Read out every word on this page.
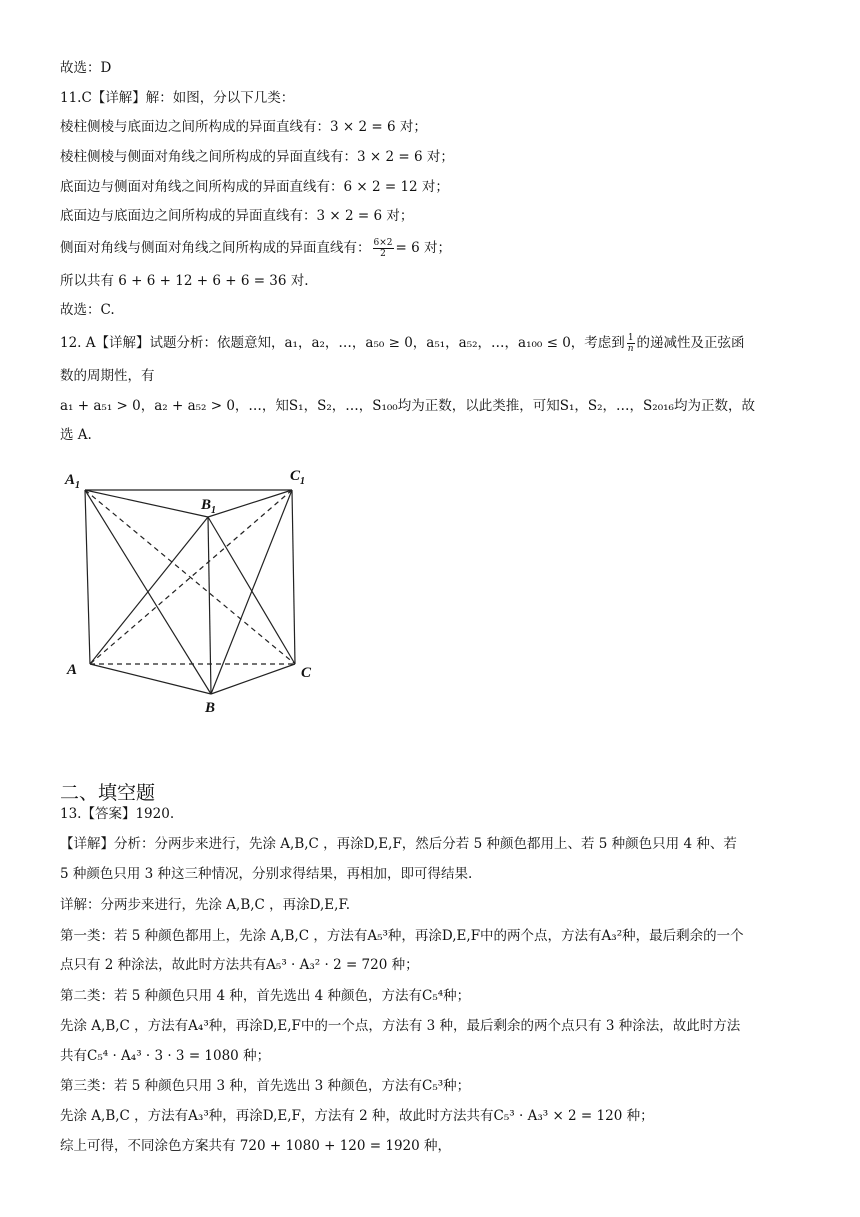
故选：D
11.C【详解】解：如图，分以下几类：
棱柱侧棱与底面边之间所构成的异面直线有：3 × 2 = 6 对；
棱柱侧棱与侧面对角线之间所构成的异面直线有：3 × 2 = 6 对；
底面边与侧面对角线之间所构成的异面直线有：6 × 2 = 12 对；
底面边与底面边之间所构成的异面直线有：3 × 2 = 6 对；
侧面对角线与侧面对角线之间所构成的异面直线有： $\frac{6\times 2}{2} = 6$ 对；
所以共有 6 + 6 + 12 + 6 + 6 = 36 对.
故选：C.
12. A【详解】试题分析：依题意知，a₁，a₂，…，a₅₀ ≥ 0，a₅₁，a₅₂，…，a₁₀₀ ≤ 0，考虑到 $\frac{1}{n}$ 的递减性及正弦函
数的周期性，有
a₁ + a₅₁ > 0，a₂ + a₅₂ > 0，…，知S₁，S₂，…，S₁₀₀均为正数，以此类推，可知S₁，S₂，…，S₂₀₁₆均为正数，故
选 A.
$A_1$
$B_1$
$C_1$
A
B
C
二、填空题
13.【答案】1920.
【详解】分析：分两步来进行，先涂 A,B,C ，再涂D,E,F，然后分若 5 种颜色都用上、若 5 种颜色只用 4 种、若
5 种颜色只用 3 种这三种情况，分别求得结果，再相加，即可得结果.
详解：分两步来进行，先涂 A,B,C ，再涂D,E,F.
第一类：若 5 种颜色都用上，先涂 A,B,C ，方法有A₅³种，再涂D,E,F中的两个点，方法有A₃²种，最后剩余的一个
点只有 2 种涂法，故此时方法共有A₅³ · A₃² · 2 = 720 种；
第二类：若 5 种颜色只用 4 种，首先选出 4 种颜色，方法有C₅⁴种；
先涂 A,B,C ，方法有A₄³种，再涂D,E,F中的一个点，方法有 3 种，最后剩余的两个点只有 3 种涂法，故此时方法
共有C₅⁴ · A₄³ · 3 · 3 = 1080 种；
第三类：若 5 种颜色只用 3 种，首先选出 3 种颜色，方法有C₅³种；
先涂 A,B,C ，方法有A₃³种，再涂D,E,F，方法有 2 种，故此时方法共有C₅³ · A₃³ × 2 = 120 种；
综上可得，不同涂色方案共有 720 + 1080 + 120 = 1920 种，
